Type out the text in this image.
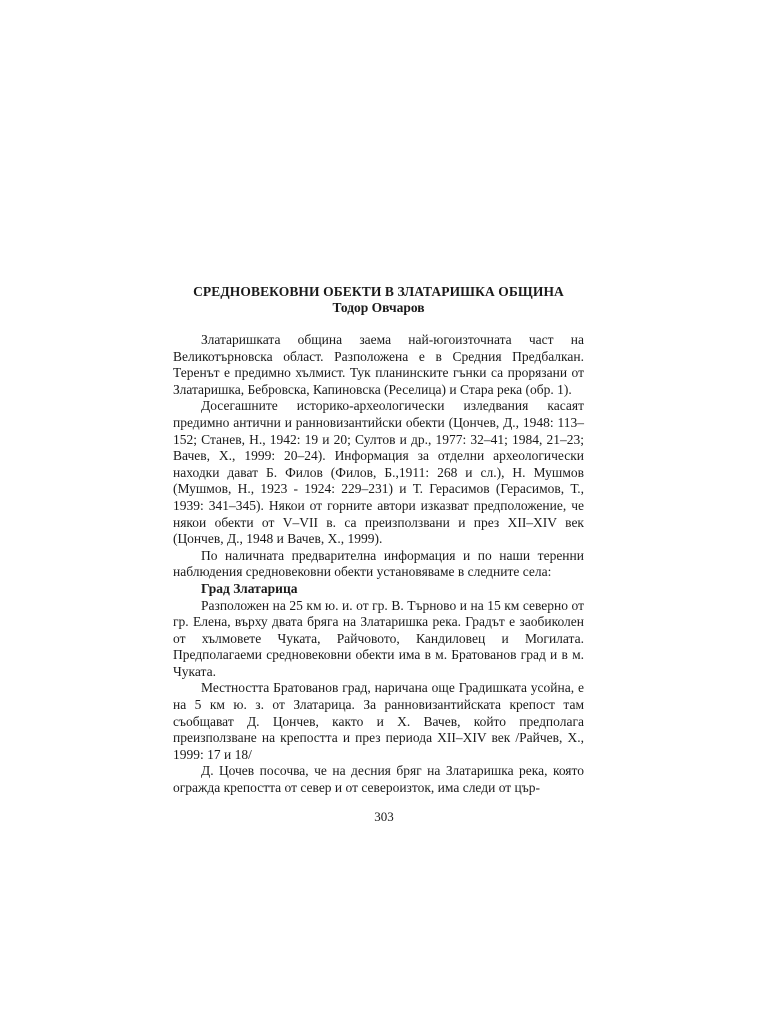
СРЕДНОВЕКОВНИ ОБЕКТИ В ЗЛАТАРИШКА ОБЩИНА

Тодор Овчаров

Златаришката община заема най-югоизточната част на Великотърновска област. Разположена е в Средния Предбалкан. Теренът е предимно хълмист. Тук планинските гънки са прорязани от Златаришка, Бебровска, Капиновска (Реселица) и Стара река (обр. 1).

Досегашните историко-археологически изледвания касаят предимно антични и ранновизантийски обекти (Цончев, Д., 1948: 113–152; Станев, Н., 1942: 19 и 20; Султов и др., 1977: 32–41; 1984, 21–23; Вачев, Х., 1999: 20–24). Информация за отделни археологически находки дават Б. Филов (Филов, Б.,1911: 268 и сл.), Н. Мушмов (Мушмов, Н., 1923 - 1924: 229–231) и Т. Герасимов (Герасимов, Т., 1939: 341–345). Някои от горните автори изказват предположение, че някои обекти от V–VII в. са преизползвани и през XII–XIV век (Цончев, Д., 1948 и Вачев, Х., 1999).

По наличната предварителна информация и по наши теренни наблюдения средновековни обекти установяваме в следните села:

Град Златарица

Разположен на 25 км ю. и. от гр. В. Търново и на 15 км северно от гр. Елена, върху двата бряга на Златаришка река. Градът е заобиколен от хълмовете Чуката, Райчовото, Кандиловец и Могилата. Предполагаеми средновековни обекти има в м. Братованов град и в м. Чуката.

Местността Братованов град, наричана още Градишката усойна, е на 5 км ю. з. от Златарица. За ранновизантийската крепост там съобщават Д. Цончев, както и Х. Вачев, който предполага преизползване на крепостта и през периода XII–XIV век /Райчев, Х., 1999: 17 и 18/

Д. Цочев посочва, че на десния бряг на Златаришка река, която огражда крепостта от север и от североизток, има следи от цър-

303
